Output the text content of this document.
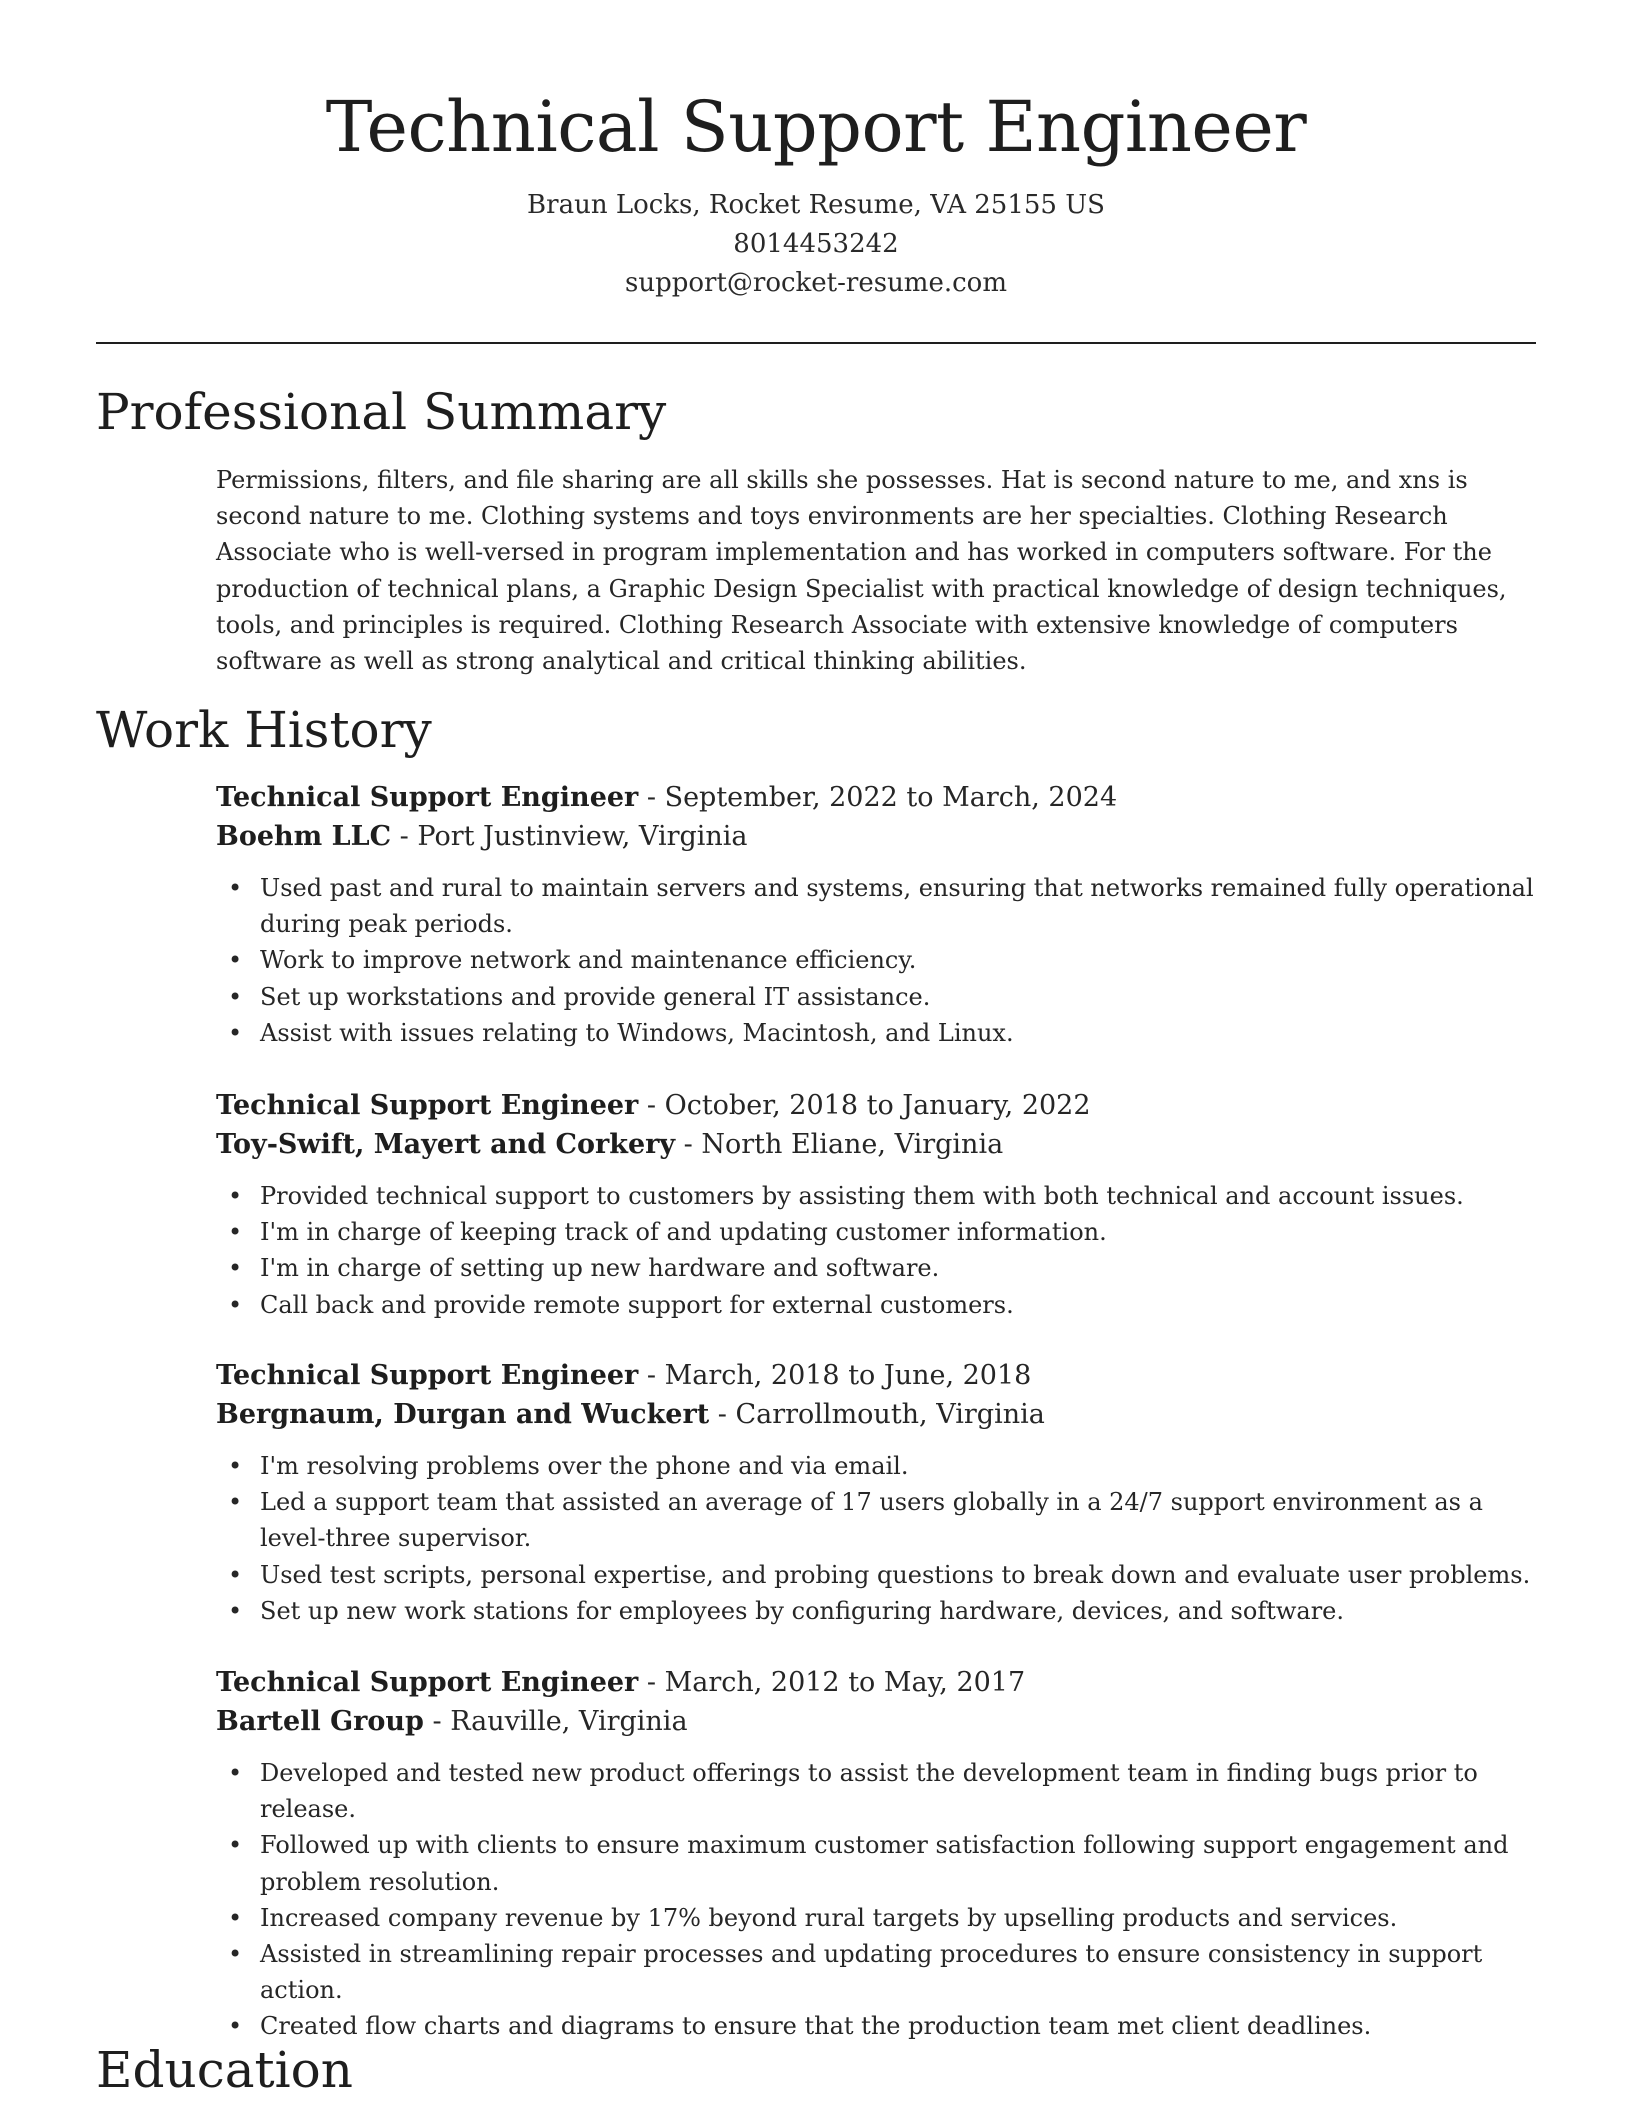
Technical Support Engineer
Braun Locks, Rocket Resume, VA 25155 US
8014453242
support@rocket-resume.com
Professional Summary

Permissions, filters, and file sharing are all skills she possesses. Hat is second nature to me, and xns is second nature to me. Clothing systems and toys environments are her specialties. Clothing Research Associate who is well-versed in program implementation and has worked in computers software. For the production of technical plans, a Graphic Design Specialist with practical knowledge of design techniques, tools, and principles is required. Clothing Research Associate with extensive knowledge of computers software as well as strong analytical and critical thinking abilities.

Work History
Technical Support Engineer - September, 2022 to March, 2024
Boehm LLC - Port Justinview, Virginia
• Used past and rural to maintain servers and systems, ensuring that networks remained fully operational during peak periods.
• Work to improve network and maintenance efficiency.
• Set up workstations and provide general IT assistance.
• Assist with issues relating to Windows, Macintosh, and Linux.
Technical Support Engineer - October, 2018 to January, 2022
Toy-Swift, Mayert and Corkery - North Eliane, Virginia
• Provided technical support to customers by assisting them with both technical and account issues.
• I'm in charge of keeping track of and updating customer information.
• I'm in charge of setting up new hardware and software.
• Call back and provide remote support for external customers.
Technical Support Engineer - March, 2018 to June, 2018
Bergnaum, Durgan and Wuckert - Carrollmouth, Virginia
• I'm resolving problems over the phone and via email.
• Led a support team that assisted an average of 17 users globally in a 24/7 support environment as a level-three supervisor.
• Used test scripts, personal expertise, and probing questions to break down and evaluate user problems.
• Set up new work stations for employees by configuring hardware, devices, and software.
Technical Support Engineer - March, 2012 to May, 2017
Bartell Group - Rauville, Virginia
• Developed and tested new product offerings to assist the development team in finding bugs prior to release.
• Followed up with clients to ensure maximum customer satisfaction following support engagement and problem resolution.
• Increased company revenue by 17% beyond rural targets by upselling products and services.
• Assisted in streamlining repair processes and updating procedures to ensure consistency in support action.
• Created flow charts and diagrams to ensure that the production team met client deadlines.
Education
